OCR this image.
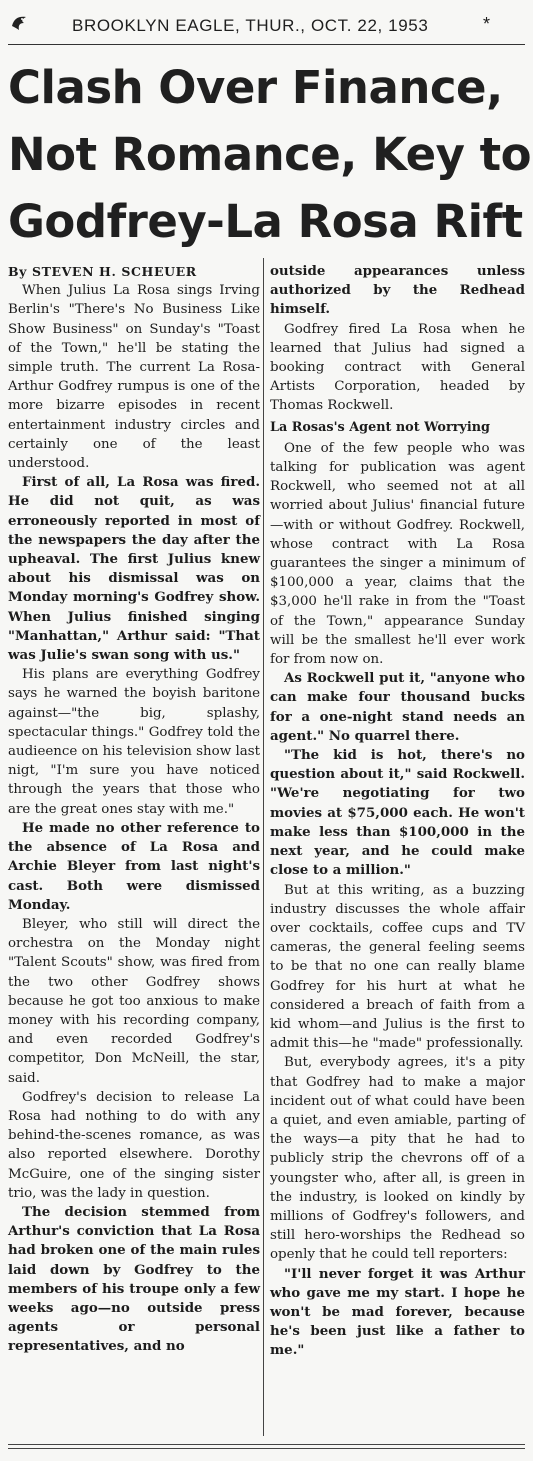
BROOKLYN EAGLE, THUR., OCT. 22, 1953	*
Clash Over Finance,
Not Romance, Key to
Godfrey-La Rosa Rift

By STEVEN H. SCHEUER

When Julius La Rosa sings Irving Berlin's "There's No Business Like Show Business" on Sunday's "Toast of the Town," he'll be stating the simple truth. The current La Rosa-Arthur Godfrey rumpus is one of the more bizarre episodes in recent entertainment industry circles and certainly one of the least understood.

First of all, La Rosa was fired. He did not quit, as was erroneously reported in most of the newspapers the day after the upheaval. The first Julius knew about his dismissal was on Monday morning's Godfrey show. When Julius finished singing "Manhattan," Arthur said: "That was Julie's swan song with us."

His plans are everything Godfrey says he warned the boyish baritone against—"the big, splashy, spectacular things." Godfrey told the audieence on his television show last nigt, "I'm sure you have noticed through the years that those who are the great ones stay with me."

He made no other reference to the absence of La Rosa and Archie Bleyer from last night's cast. Both were dismissed Monday.

Bleyer, who still will direct the orchestra on the Monday night "Talent Scouts" show, was fired from the two other Godfrey shows because he got too anxious to make money with his recording company, and even recorded Godfrey's competitor, Don McNeill, the star, said.

Godfrey's decision to release La Rosa had nothing to do with any behind-the-scenes romance, as was also reported elsewhere. Dorothy McGuire, one of the singing sister trio, was the lady in question.

The decision stemmed from Arthur's conviction that La Rosa had broken one of the main rules laid down by Godfrey to the members of his troupe only a few weeks ago—no outside press agents or personal representatives, and no

outside appearances unless authorized by the Redhead himself.

Godfrey fired La Rosa when he learned that Julius had signed a booking contract with General Artists Corporation, headed by Thomas Rockwell.

La Rosas's Agent not Worrying

One of the few people who was talking for publication was agent Rockwell, who seemed not at all worried about Julius' financial future—with or without Godfrey. Rockwell, whose contract with La Rosa guarantees the singer a minimum of $100,000 a year, claims that the $3,000 he'll rake in from the "Toast of the Town," appearance Sunday will be the smallest he'll ever work for from now on.

As Rockwell put it, "anyone who can make four thousand bucks for a one-night stand needs an agent." No quarrel there.

"The kid is hot, there's no question about it," said Rockwell. "We're negotiating for two movies at $75,000 each. He won't make less than $100,000 in the next year, and he could make close to a million."

But at this writing, as a buzzing industry discusses the whole affair over cocktails, coffee cups and TV cameras, the general feeling seems to be that no one can really blame Godfrey for his hurt at what he considered a breach of faith from a kid whom—and Julius is the first to admit this—he "made" professionally.

But, everybody agrees, it's a pity that Godfrey had to make a major incident out of what could have been a quiet, and even amiable, parting of the ways—a pity that he had to publicly strip the chevrons off of a youngster who, after all, is green in the industry, is looked on kindly by millions of Godfrey's followers, and still hero-worships the Redhead so openly that he could tell reporters:

"I'll never forget it was Arthur who gave me my start. I hope he won't be mad forever, because he's been just like a father to me."
